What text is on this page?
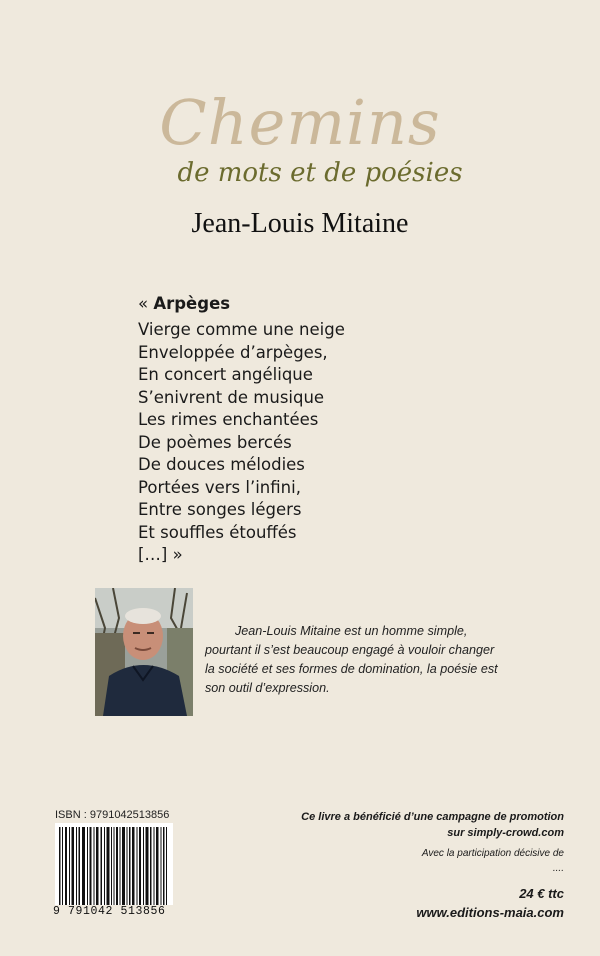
Chemins
de mots et de poésies
Jean-Louis Mitaine
« Arpèges
Vierge comme une neige
Enveloppée d’arpèges,
En concert angélique
S’enivrent de musique
Les rimes enchantées
De poèmes bercés
De douces mélodies
Portées vers l’infini,
Entre songes légers
Et souffles étouffés
[…] »
Jean-Louis Mitaine est un homme simple,
pourtant il s’est beaucoup engagé à vouloir changer
la société et ses formes de domination, la poésie est
son outil d’expression.
ISBN : 9791042513856
9 791042 513856
Ce livre a bénéficié d’une campagne de promotion
sur simply-crowd.com
Avec la participation décisive de
....
24 € ttc
www.editions-maia.com
